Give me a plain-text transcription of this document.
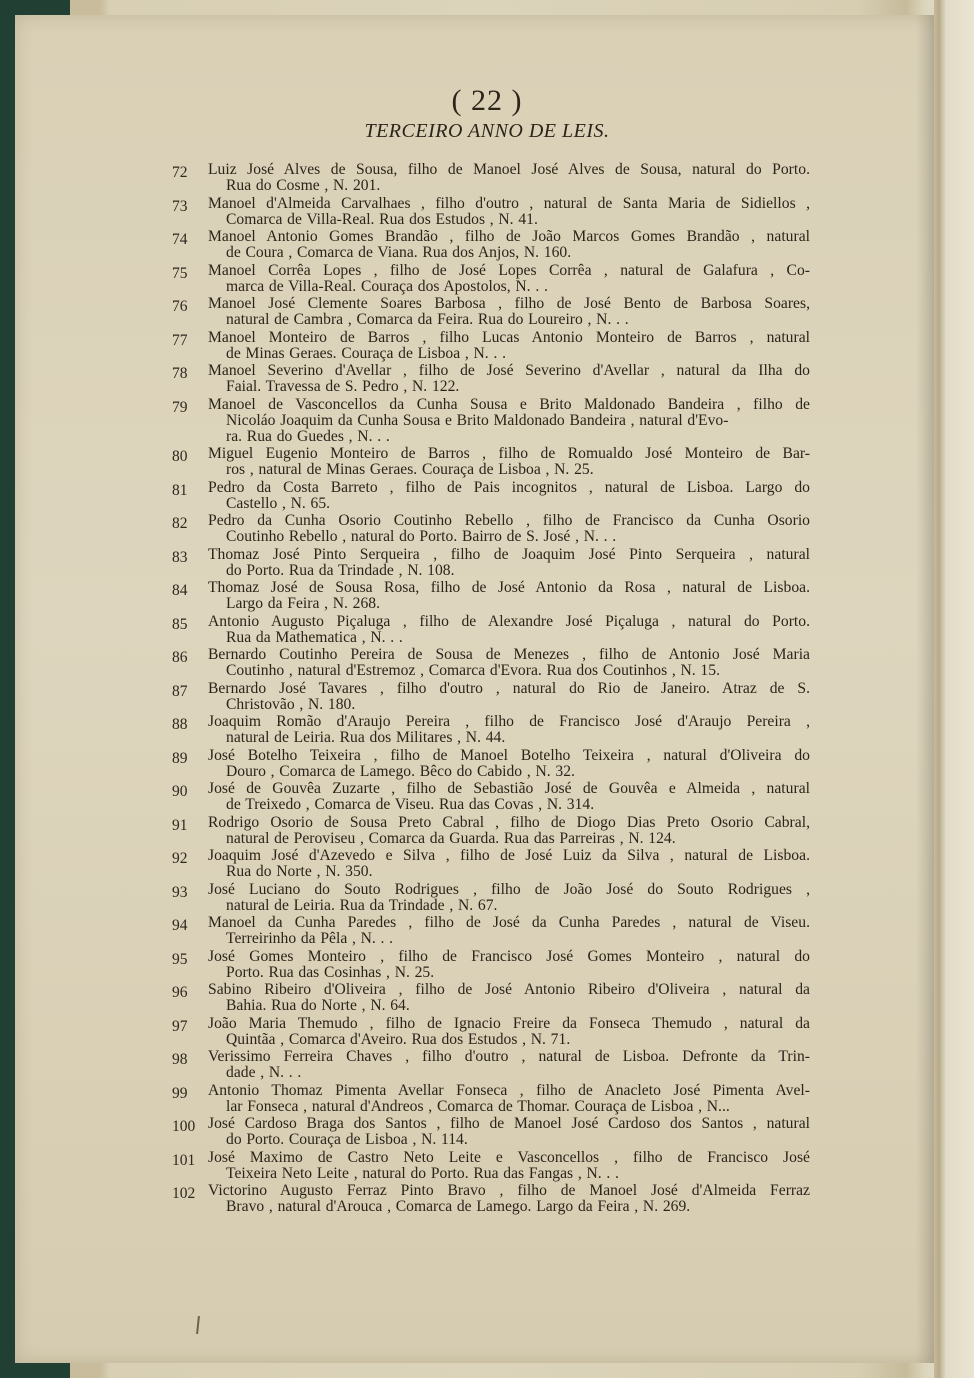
( 22 )
TERCEIRO ANNO DE LEIS.
72	Luiz José Alves de Sousa, filho de Manoel José Alves de Sousa, natural do Porto.
Rua do Cosme , N. 201.
73	Manoel d'Almeida Carvalhaes , filho d'outro , natural de Santa Maria de Sidiellos ,
Comarca de Villa-Real. Rua dos Estudos , N. 41.
74	Manoel Antonio Gomes Brandão , filho de João Marcos Gomes Brandão , natural
de Coura , Comarca de Viana. Rua dos Anjos, N. 160.
75	Manoel Corrêa Lopes , filho de José Lopes Corrêa , natural de Galafura , Co-
marca de Villa-Real. Couraça dos Apostolos, N. . .
76	Manoel José Clemente Soares Barbosa , filho de José Bento de Barbosa Soares,
natural de Cambra , Comarca da Feira. Rua do Loureiro , N. . .
77	Manoel Monteiro de Barros , filho Lucas Antonio Monteiro de Barros , natural
de Minas Geraes. Couraça de Lisboa , N. . .
78	Manoel Severino d'Avellar , filho de José Severino d'Avellar , natural da Ilha do
Faial. Travessa de S. Pedro , N. 122.
79	Manoel de Vasconcellos da Cunha Sousa e Brito Maldonado Bandeira , filho de
Nicoláo Joaquim da Cunha Sousa e Brito Maldonado Bandeira , natural d'Evo-
ra. Rua do Guedes , N. . .
80	Miguel Eugenio Monteiro de Barros , filho de Romualdo José Monteiro de Bar-
ros , natural de Minas Geraes. Couraça de Lisboa , N. 25.
81	Pedro da Costa Barreto , filho de Pais incognitos , natural de Lisboa. Largo do
Castello , N. 65.
82	Pedro da Cunha Osorio Coutinho Rebello , filho de Francisco da Cunha Osorio
Coutinho Rebello , natural do Porto. Bairro de S. José , N. . .
83	Thomaz José Pinto Serqueira , filho de Joaquim José Pinto Serqueira , natural
do Porto. Rua da Trindade , N. 108.
84	Thomaz José de Sousa Rosa, filho de José Antonio da Rosa , natural de Lisboa.
Largo da Feira , N. 268.
85	Antonio Augusto Piçaluga , filho de Alexandre José Piçaluga , natural do Porto.
Rua da Mathematica , N. . .
86	Bernardo Coutinho Pereira de Sousa de Menezes , filho de Antonio José Maria
Coutinho , natural d'Estremoz , Comarca d'Evora. Rua dos Coutinhos , N. 15.
87	Bernardo José Tavares , filho d'outro , natural do Rio de Janeiro. Atraz de S.
Christovão , N. 180.
88	Joaquim Romão d'Araujo Pereira , filho de Francisco José d'Araujo Pereira ,
natural de Leiria. Rua dos Militares , N. 44.
89	José Botelho Teixeira , filho de Manoel Botelho Teixeira , natural d'Oliveira do
Douro , Comarca de Lamego. Bêco do Cabido , N. 32.
90	José de Gouvêa Zuzarte , filho de Sebastião José de Gouvêa e Almeida , natural
de Treixedo , Comarca de Viseu. Rua das Covas , N. 314.
91	Rodrigo Osorio de Sousa Preto Cabral , filho de Diogo Dias Preto Osorio Cabral,
natural de Peroviseu , Comarca da Guarda. Rua das Parreiras , N. 124.
92	Joaquim José d'Azevedo e Silva , filho de José Luiz da Silva , natural de Lisboa.
Rua do Norte , N. 350.
93	José Luciano do Souto Rodrigues , filho de João José do Souto Rodrigues ,
natural de Leiria. Rua da Trindade , N. 67.
94	Manoel da Cunha Paredes , filho de José da Cunha Paredes , natural de Viseu.
Terreirinho da Pêla , N. . .
95	José Gomes Monteiro , filho de Francisco José Gomes Monteiro , natural do
Porto. Rua das Cosinhas , N. 25.
96	Sabino Ribeiro d'Oliveira , filho de José Antonio Ribeiro d'Oliveira , natural da
Bahia. Rua do Norte , N. 64.
97	João Maria Themudo , filho de Ignacio Freire da Fonseca Themudo , natural da
Quintãa , Comarca d'Aveiro. Rua dos Estudos , N. 71.
98	Verissimo Ferreira Chaves , filho d'outro , natural de Lisboa. Defronte da Trin-
dade , N. . .
99	Antonio Thomaz Pimenta Avellar Fonseca , filho de Anacleto José Pimenta Avel-
lar Fonseca , natural d'Andreos , Comarca de Thomar. Couraça de Lisboa , N...
100 José Cardoso Braga dos Santos , filho de Manoel José Cardoso dos Santos , natural
do Porto. Couraça de Lisboa , N. 114.
101 José Maximo de Castro Neto Leite e Vasconcellos , filho de Francisco José
Teixeira Neto Leite , natural do Porto. Rua das Fangas , N. . .
102 Victorino Augusto Ferraz Pinto Bravo , filho de Manoel José d'Almeida Ferraz
Bravo , natural d'Arouca , Comarca de Lamego. Largo da Feira , N. 269.
